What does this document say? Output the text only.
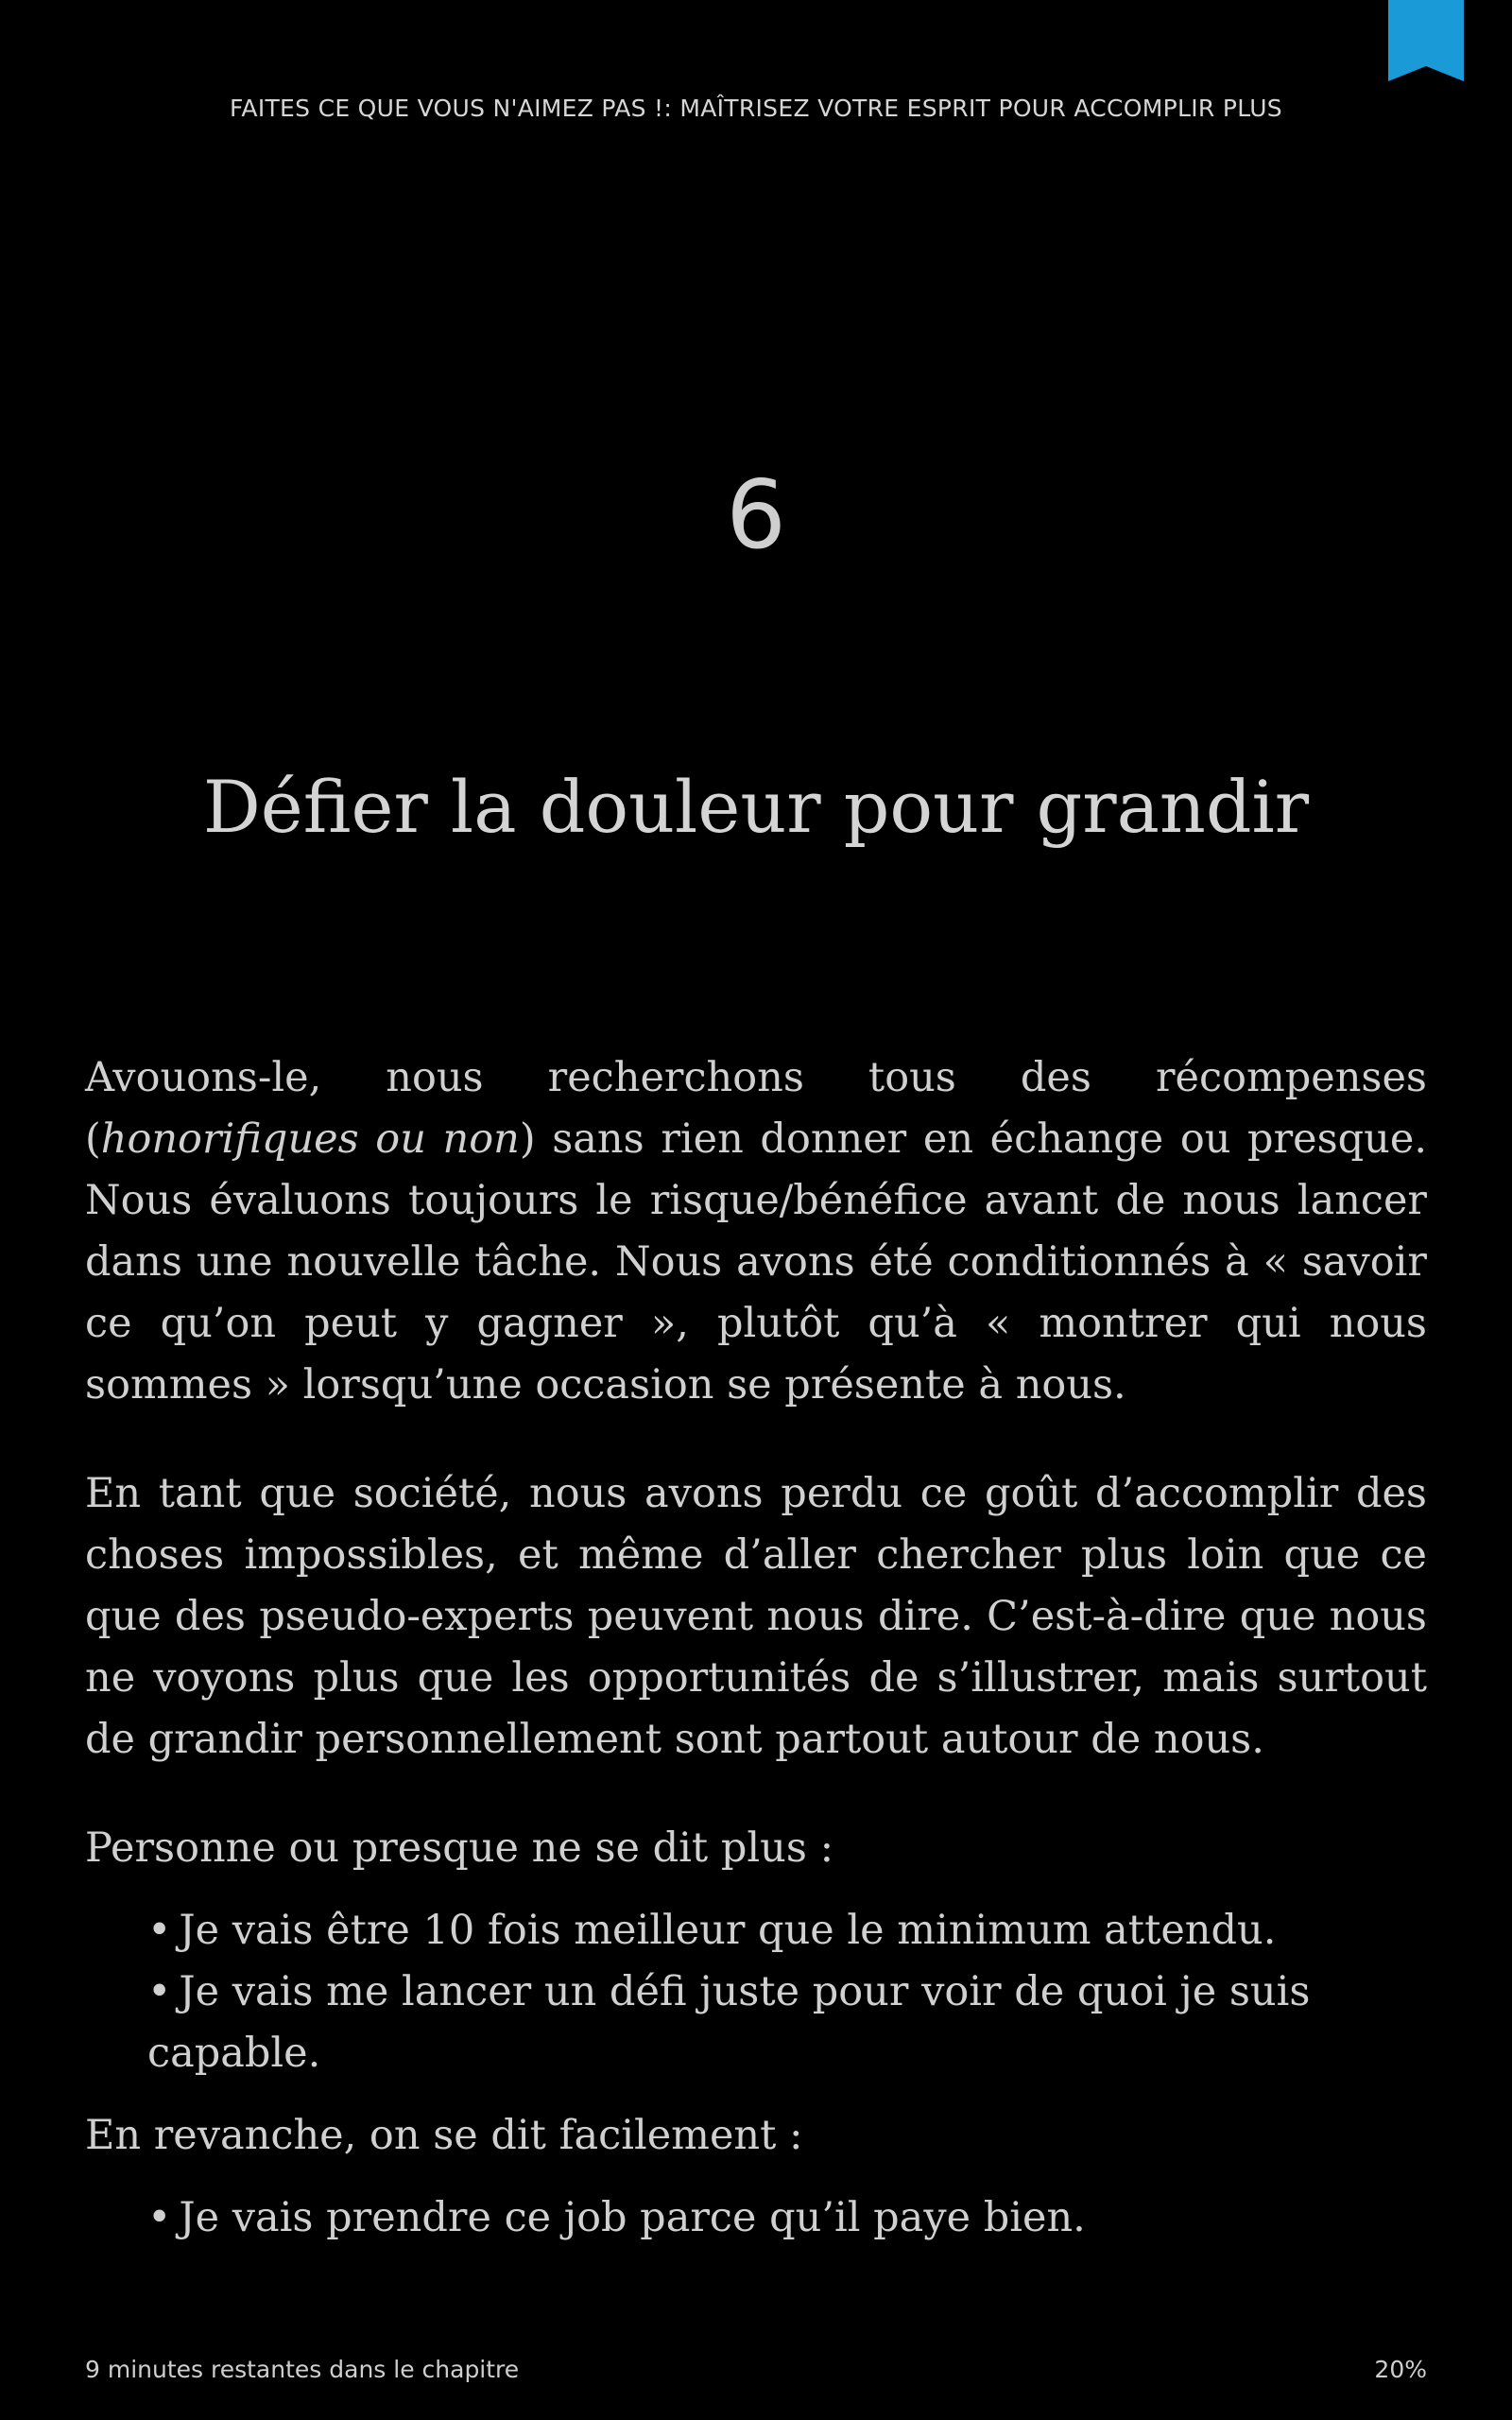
FAITES CE QUE VOUS N'AIMEZ PAS !: MAÎTRISEZ VOTRE ESPRIT POUR ACCOMPLIR PLUS
6
Défier la douleur pour grandir

Avouons-le, nous recherchons tous des récompenses (honorifiques ou non) sans rien donner en échange ou presque. Nous évaluons toujours le risque/bénéfice avant de nous lancer dans une nouvelle tâche. Nous avons été conditionnés à « savoir ce qu’on peut y gagner », plutôt qu’à « montrer qui nous sommes » lorsqu’une occasion se présente à nous.

En tant que société, nous avons perdu ce goût d’accomplir des choses impossibles, et même d’aller chercher plus loin que ce que des pseudo-experts peuvent nous dire. C’est-à-dire que nous ne voyons plus que les opportunités de s’illustrer, mais surtout de grandir personnellement sont partout autour de nous.

Personne ou presque ne se dit plus :

• Je vais être 10 fois meilleur que le minimum attendu.
• Je vais me lancer un défi juste pour voir de quoi je suis capable.

En revanche, on se dit facilement :

• Je vais prendre ce job parce qu’il paye bien.
9 minutes restantes dans le chapitre	20%
